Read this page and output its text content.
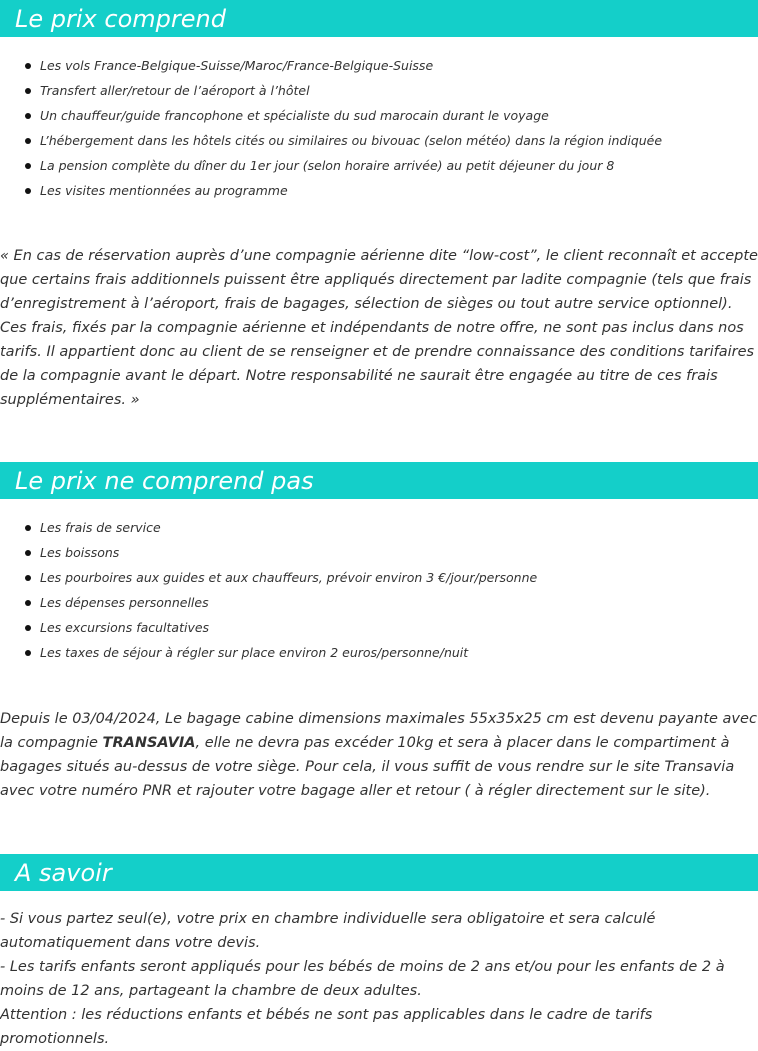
Le prix comprend
Les vols France-Belgique-Suisse/Maroc/France-Belgique-Suisse
Transfert aller/retour de l’aéroport à l’hôtel
Un chauffeur/guide francophone et spécialiste du sud marocain durant le voyage
L’hébergement dans les hôtels cités ou similaires ou bivouac (selon météo) dans la région indiquée
La pension complète du dîner du 1er jour (selon horaire arrivée) au petit déjeuner du jour 8
Les visites mentionnées au programme

« En cas de réservation auprès d’une compagnie aérienne dite “low-cost”, le client reconnaît et accepte que certains frais additionnels puissent être appliqués directement par ladite compagnie (tels que frais d’enregistrement à l’aéroport, frais de bagages, sélection de sièges ou tout autre service optionnel). Ces frais, fixés par la compagnie aérienne et indépendants de notre offre, ne sont pas inclus dans nos tarifs. Il appartient donc au client de se renseigner et de prendre connaissance des conditions tarifaires de la compagnie avant le départ. Notre responsabilité ne saurait être engagée au titre de ces frais supplémentaires. »

Le prix ne comprend pas
Les frais de service
Les boissons
Les pourboires aux guides et aux chauffeurs, prévoir environ 3 €/jour/personne
Les dépenses personnelles
Les excursions facultatives
Les taxes de séjour à régler sur place environ 2 euros/personne/nuit

Depuis le 03/04/2024, Le bagage cabine dimensions maximales 55x35x25 cm est devenu payante avec la compagnie TRANSAVIA, elle ne devra pas excéder 10kg et sera à placer dans le compartiment à bagages situés au-dessus de votre siège. Pour cela, il vous suffit de vous rendre sur le site Transavia avec votre numéro PNR et rajouter votre bagage aller et retour ( à régler directement sur le site).

A savoir
- Si vous partez seul(e), votre prix en chambre individuelle sera obligatoire et sera calculé automatiquement dans votre devis.
- Les tarifs enfants seront appliqués pour les bébés de moins de 2 ans et/ou pour les enfants de 2 à moins de 12 ans, partageant la chambre de deux adultes.
Attention : les réductions enfants et bébés ne sont pas applicables dans le cadre de tarifs promotionnels.
